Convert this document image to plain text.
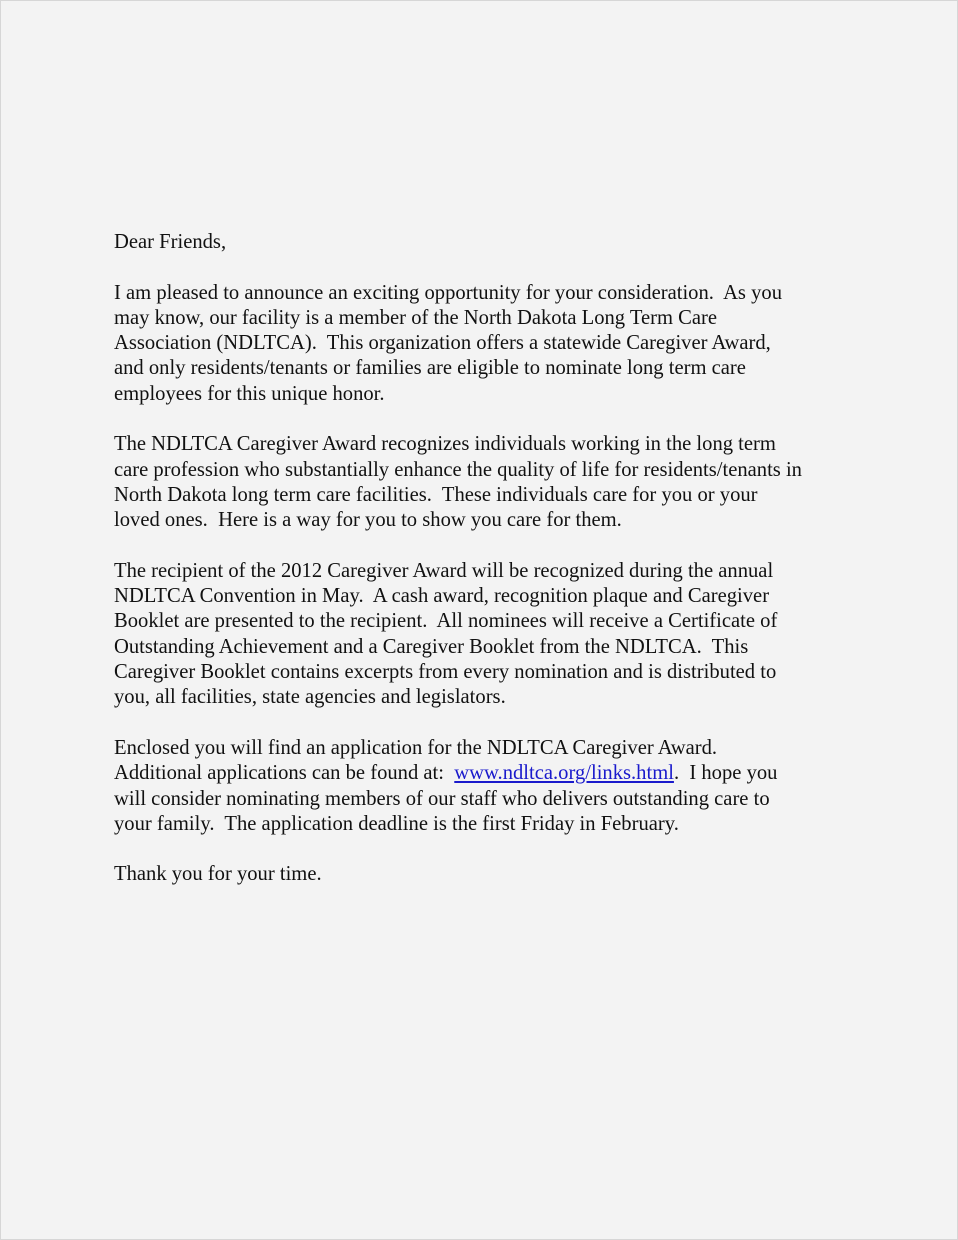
Dear Friends,
I am pleased to announce an exciting opportunity for your consideration.  As you
may know, our facility is a member of the North Dakota Long Term Care
Association (NDLTCA).  This organization offers a statewide Caregiver Award,
and only residents/tenants or families are eligible to nominate long term care
employees for this unique honor.
The NDLTCA Caregiver Award recognizes individuals working in the long term
care profession who substantially enhance the quality of life for residents/tenants in
North Dakota long term care facilities.  These individuals care for you or your
loved ones.  Here is a way for you to show you care for them.
The recipient of the 2012 Caregiver Award will be recognized during the annual
NDLTCA Convention in May.  A cash award, recognition plaque and Caregiver
Booklet are presented to the recipient.  All nominees will receive a Certificate of
Outstanding Achievement and a Caregiver Booklet from the NDLTCA.  This
Caregiver Booklet contains excerpts from every nomination and is distributed to
you, all facilities, state agencies and legislators.
Enclosed you will find an application for the NDLTCA Caregiver Award.
Additional applications can be found at:  www.ndltca.org/links.html.  I hope you
will consider nominating members of our staff who delivers outstanding care to
your family.  The application deadline is the first Friday in February.
Thank you for your time.
